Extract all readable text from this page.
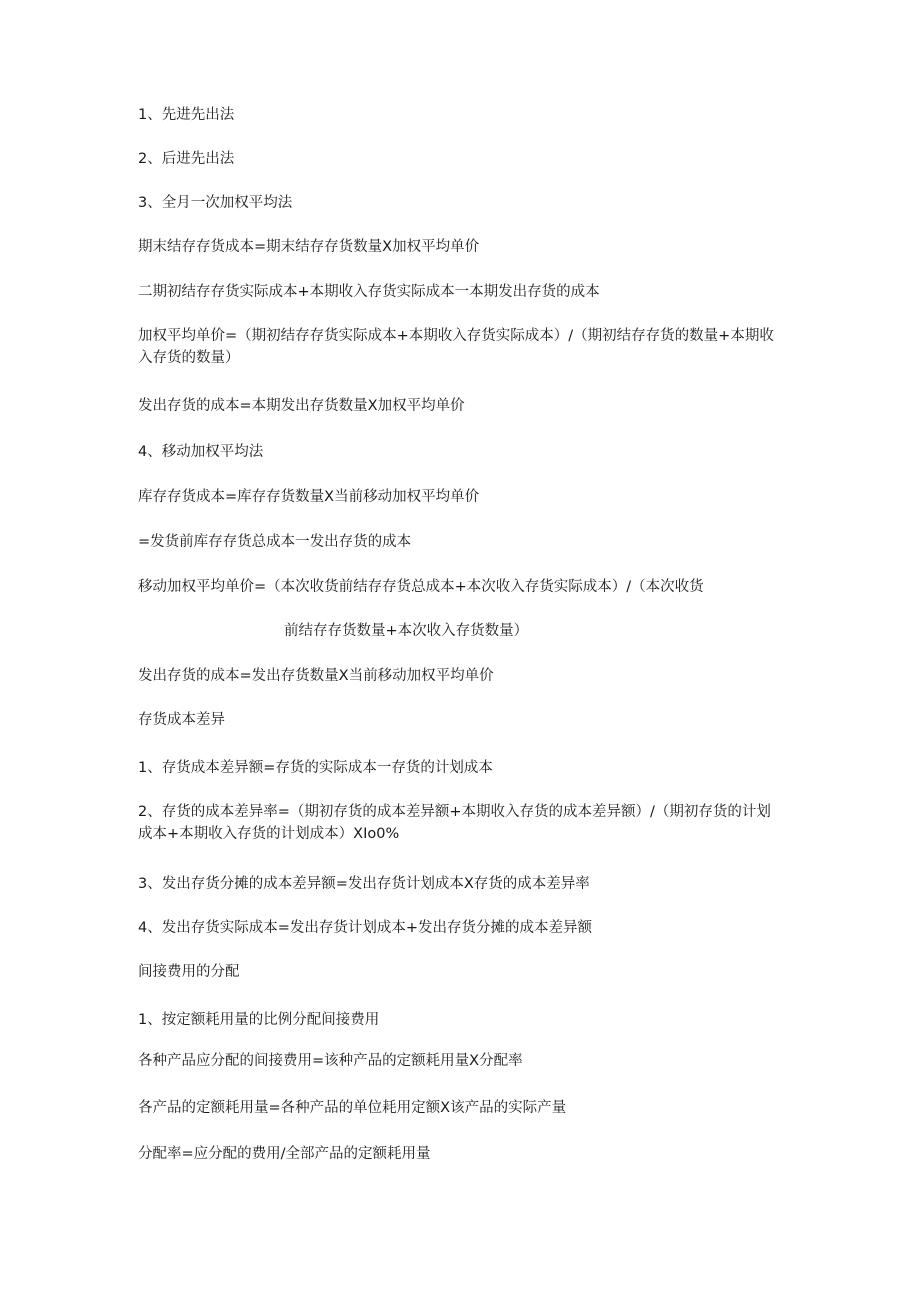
1、先进先出法
2、后进先出法
3、全月一次加权平均法
期末结存存货成本=期末结存存货数量X加权平均单价
二期初结存存货实际成本+本期收入存货实际成本一本期发出存货的成本
加权平均单价=（期初结存存货实际成本+本期收入存货实际成本）/（期初结存存货的数量+本期收入存货的数量）
发出存货的成本=本期发出存货数量X加权平均单价
4、移动加权平均法
库存存货成本=库存存货数量X当前移动加权平均单价
=发货前库存存货总成本一发出存货的成本
移动加权平均单价=（本次收货前结存存货总成本+本次收入存货实际成本）/（本次收货
前结存存货数量+本次收入存货数量）
发出存货的成本=发出存货数量X当前移动加权平均单价
存货成本差异
1、存货成本差异额=存货的实际成本一存货的计划成本
2、存货的成本差异率=（期初存货的成本差异额+本期收入存货的成本差异额）/（期初存货的计划成本+本期收入存货的计划成本）XIo0%
3、发出存货分摊的成本差异额=发出存货计划成本X存货的成本差异率
4、发出存货实际成本=发出存货计划成本+发出存货分摊的成本差异额
间接费用的分配
1、按定额耗用量的比例分配间接费用
各种产品应分配的间接费用=该种产品的定额耗用量X分配率
各产品的定额耗用量=各种产品的单位耗用定额X该产品的实际产量
分配率=应分配的费用/全部产品的定额耗用量
